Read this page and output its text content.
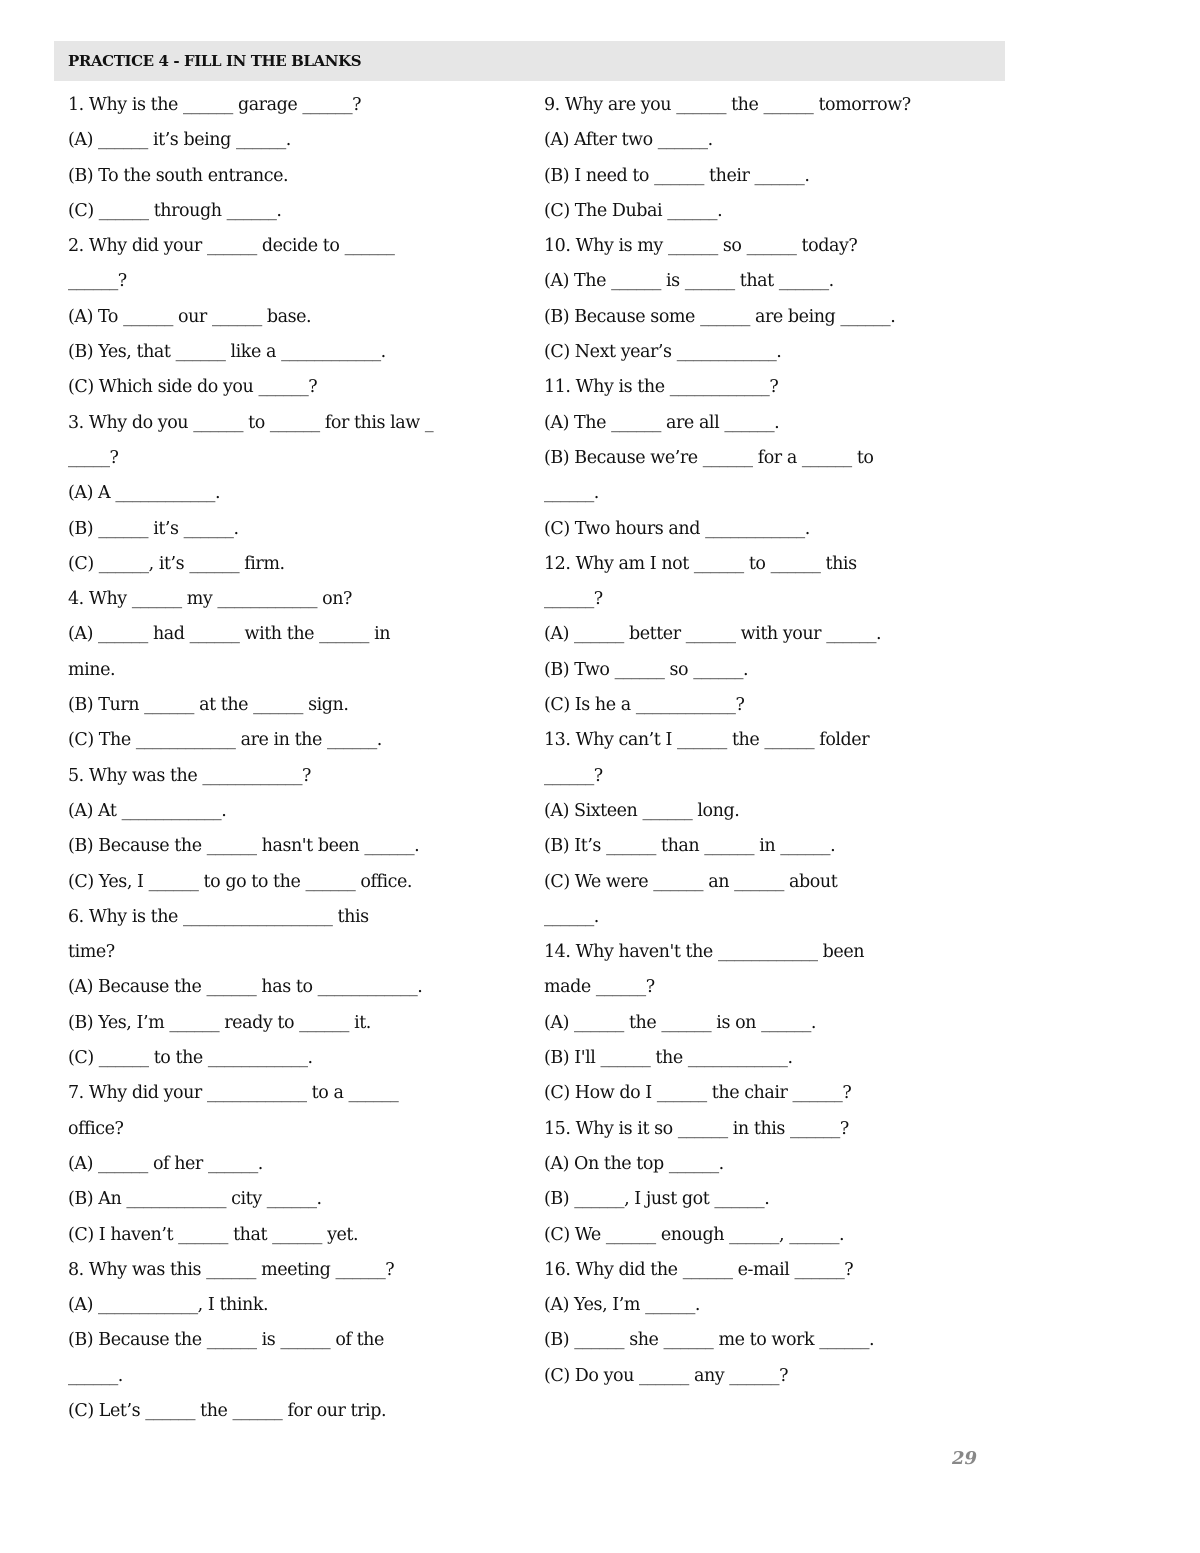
PRACTICE 4 - FILL IN THE BLANKS
1. Why is the ______ garage ______?
(A) ______ it’s being ______.
(B) To the south entrance.
(C) ______ through ______.
2. Why did your ______ decide to ______
______?
(A) To ______ our ______ base.
(B) Yes, that ______ like a ____________.
(C) Which side do you ______?
3. Why do you ______ to ______ for this law _
_____?
(A) A ____________.
(B) ______ it’s ______.
(C) ______, it’s ______ firm.
4. Why ______ my ____________ on?
(A) ______ had ______ with the ______ in
mine.
(B) Turn ______ at the ______ sign.
(C) The ____________ are in the ______.
5. Why was the ____________?
(A) At ____________.
(B) Because the ______ hasn't been ______.
(C) Yes, I ______ to go to the ______ office.
6. Why is the __________________ this
time?
(A) Because the ______ has to ____________.
(B) Yes, I’m ______ ready to ______ it.
(C) ______ to the ____________.
7. Why did your ____________ to a ______
office?
(A) ______ of her ______.
(B) An ____________ city ______.
(C) I haven’t ______ that ______ yet.
8. Why was this ______ meeting ______?
(A) ____________, I think.
(B) Because the ______ is ______ of the
______.
(C) Let’s ______ the ______ for our trip.
9. Why are you ______ the ______ tomorrow?
(A) After two ______.
(B) I need to ______ their ______.
(C) The Dubai ______.
10. Why is my ______ so ______ today?
(A) The ______ is ______ that ______.
(B) Because some ______ are being ______.
(C) Next year’s ____________.
11. Why is the ____________?
(A) The ______ are all ______.
(B) Because we’re ______ for a ______ to
______.
(C) Two hours and ____________.
12. Why am I not ______ to ______ this
______?
(A) ______ better ______ with your ______.
(B) Two ______ so ______.
(C) Is he a ____________?
13. Why can’t I ______ the ______ folder
______?
(A) Sixteen ______ long.
(B) It’s ______ than ______ in ______.
(C) We were ______ an ______ about
______.
14. Why haven't the ____________ been
made ______?
(A) ______ the ______ is on ______.
(B) I'll ______ the ____________.
(C) How do I ______ the chair ______?
15. Why is it so ______ in this ______?
(A) On the top ______.
(B) ______, I just got ______.
(C) We ______ enough ______, ______.
16. Why did the ______ e-mail ______?
(A) Yes, I’m ______.
(B) ______ she ______ me to work ______.
(C) Do you ______ any ______?
29
